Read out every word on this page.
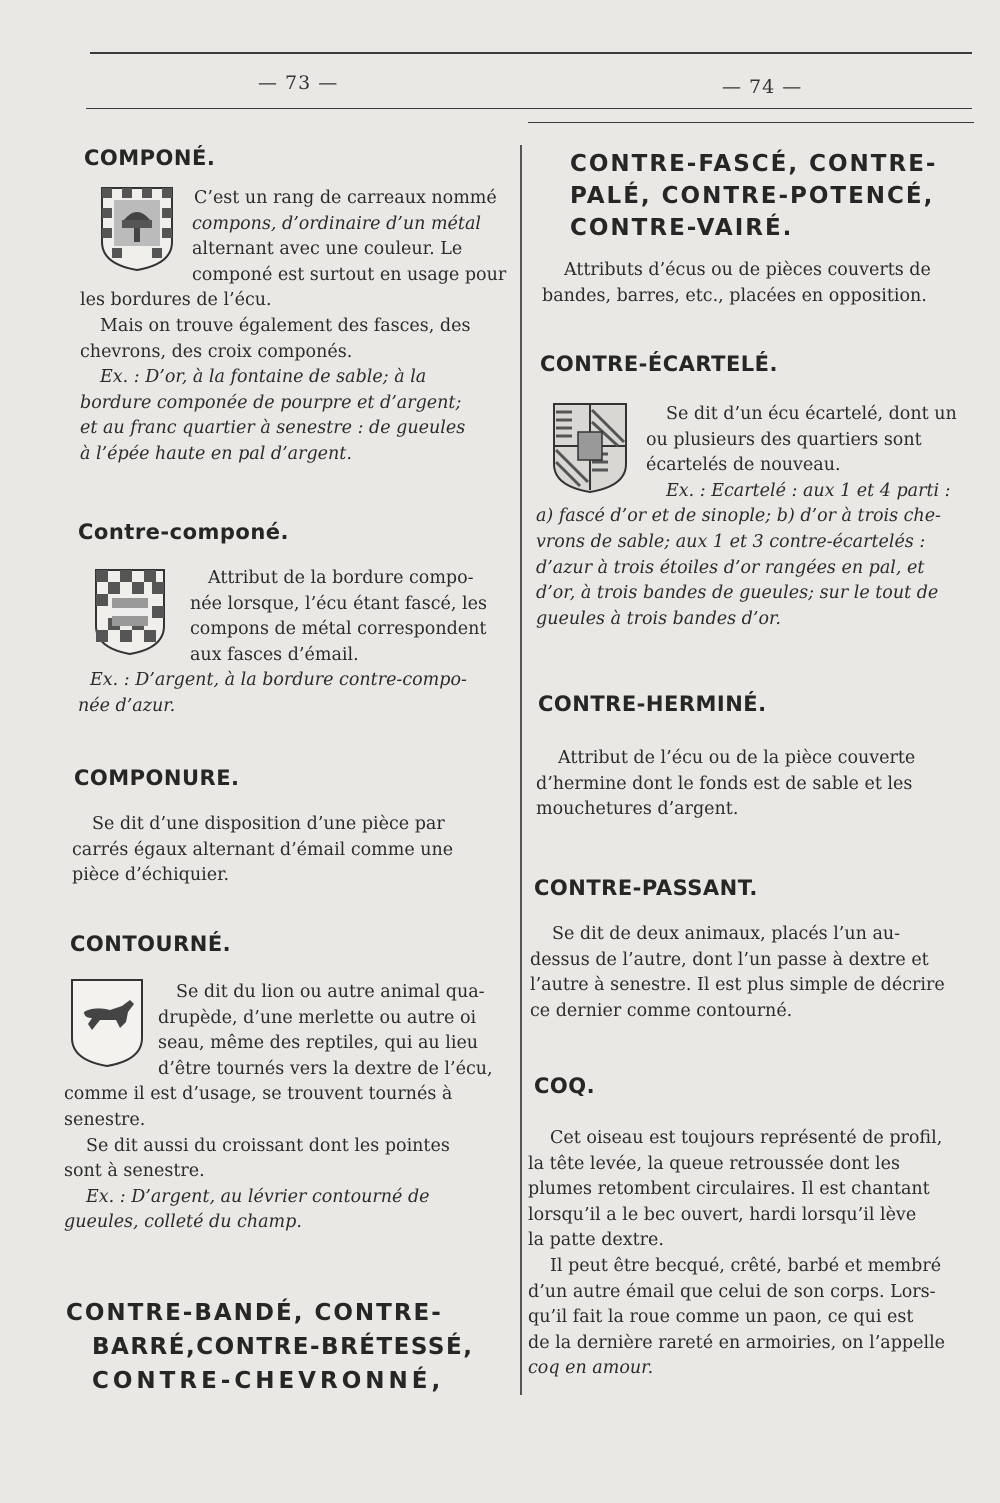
— 73 —	— 74 —
COMPONÉ.
C’est un rang de carreaux nommé
compons, d’ordinaire d’un métal
alternant avec une couleur. Le
componé est surtout en usage pour
les bordures de l’écu.
Mais on trouve également des fasces, des
chevrons, des croix componés.
Ex. : D’or, à la fontaine de sable; à la
bordure componée de pourpre et d’argent;
et au franc quartier à senestre : de gueules
à l’épée haute en pal d’argent.
Contre-componé.
Attribut de la bordure compo-
née lorsque, l’écu étant fascé, les
compons de métal correspondent
aux fasces d’émail.
Ex. : D’argent, à la bordure contre-compo-
née d’azur.
COMPONURE.
Se dit d’une disposition d’une pièce par
carrés égaux alternant d’émail comme une
pièce d’échiquier.
CONTOURNÉ.
Se dit du lion ou autre animal qua-
drupède, d’une merlette ou autre oi
seau, même des reptiles, qui au lieu
d’être tournés vers la dextre de l’écu,
comme il est d’usage, se trouvent tournés à
senestre.
Se dit aussi du croissant dont les pointes
sont à senestre.
Ex. : D’argent, au lévrier contourné de
gueules, colleté du champ.
CONTRE-BANDÉ, CONTRE-
BARRÉ,CONTRE-BRÉTESSÉ,
CONTRE-CHEVRONNÉ,
CONTRE-FASCÉ, CONTRE-
PALÉ, CONTRE-POTENCÉ,
CONTRE-VAIRÉ.
Attributs d’écus ou de pièces couverts de
bandes, barres, etc., placées en opposition.
CONTRE-ÉCARTELÉ.
Se dit d’un écu écartelé, dont un
ou plusieurs des quartiers sont
écartelés de nouveau.
Ex. : Ecartelé : aux 1 et 4 parti :
a) fascé d’or et de sinople; b) d’or à trois che-
vrons de sable; aux 1 et 3 contre-écartelés :
d’azur à trois étoiles d’or rangées en pal, et
d’or, à trois bandes de gueules; sur le tout de
gueules à trois bandes d’or.
CONTRE-HERMINÉ.
Attribut de l’écu ou de la pièce couverte
d’hermine dont le fonds est de sable et les
mouchetures d’argent.
CONTRE-PASSANT.
Se dit de deux animaux, placés l’un au-
dessus de l’autre, dont l’un passe à dextre et
l’autre à senestre. Il est plus simple de décrire
ce dernier comme contourné.
COQ.
Cet oiseau est toujours représenté de profil,
la tête levée, la queue retroussée dont les
plumes retombent circulaires. Il est chantant
lorsqu’il a le bec ouvert, hardi lorsqu’il lève
la patte dextre.
Il peut être becqué, crêté, barbé et membré
d’un autre émail que celui de son corps. Lors-
qu’il fait la roue comme un paon, ce qui est
de la dernière rareté en armoiries, on l’appelle
coq en amour.
